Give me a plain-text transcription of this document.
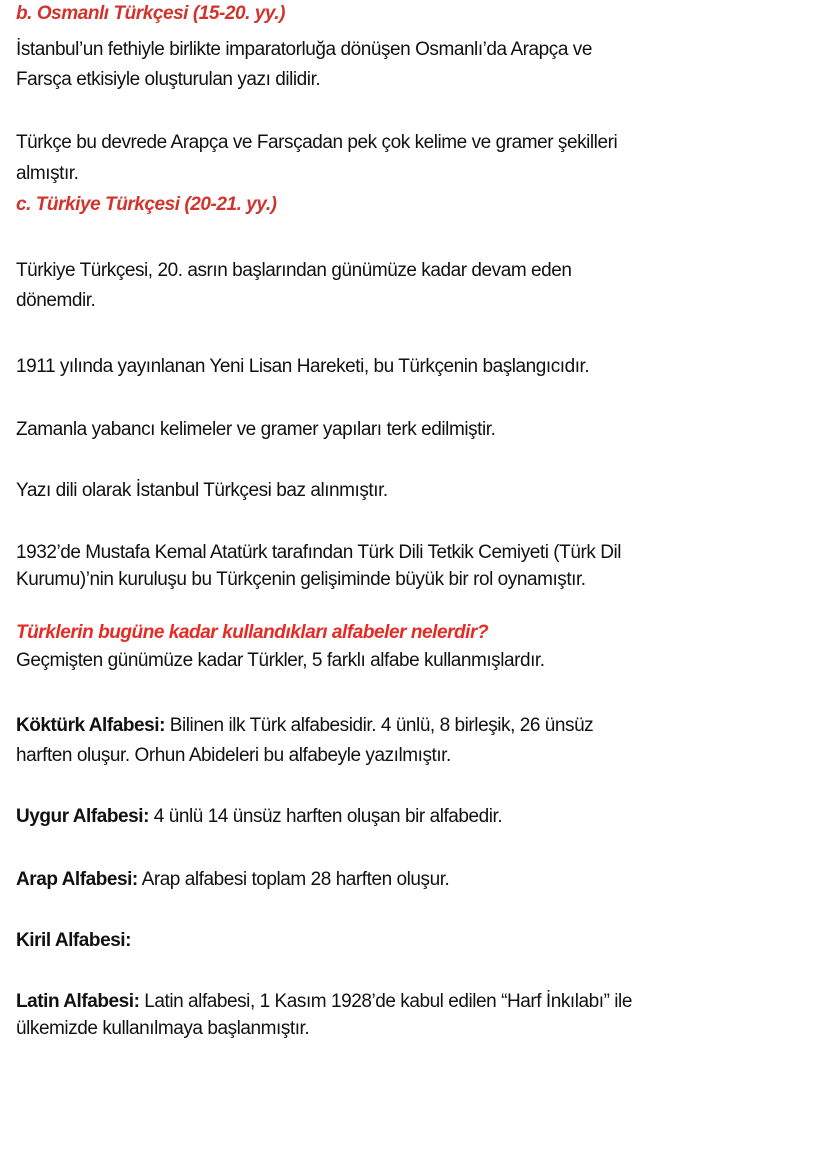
b. Osmanlı Türkçesi (15-20. yy.)
İstanbul’un fethiyle birlikte imparatorluğa dönüşen Osmanlı’da Arapça ve
Farsça etkisiyle oluşturulan yazı dilidir.
Türkçe bu devrede Arapça ve Farsçadan pek çok kelime ve gramer şekilleri
almıştır.
c. Türkiye Türkçesi (20-21. yy.)
Türkiye Türkçesi, 20. asrın başlarından günümüze kadar devam eden
dönemdir.
1911 yılında yayınlanan Yeni Lisan Hareketi, bu Türkçenin başlangıcıdır.
Zamanla yabancı kelimeler ve gramer yapıları terk edilmiştir.
Yazı dili olarak İstanbul Türkçesi baz alınmıştır.
1932’de Mustafa Kemal Atatürk tarafından Türk Dili Tetkik Cemiyeti (Türk Dil
Kurumu)’nin kuruluşu bu Türkçenin gelişiminde büyük bir rol oynamıştır.
Türklerin bugüne kadar kullandıkları alfabeler nelerdir?
Geçmişten günümüze kadar Türkler, 5 farklı alfabe kullanmışlardır.
Köktürk Alfabesi: Bilinen ilk Türk alfabesidir. 4 ünlü, 8 birleşik, 26 ünsüz
harften oluşur. Orhun Abideleri bu alfabeyle yazılmıştır.
Uygur Alfabesi: 4 ünlü 14 ünsüz harften oluşan bir alfabedir.
Arap Alfabesi: Arap alfabesi toplam 28 harften oluşur.
Kiril Alfabesi:
Latin Alfabesi: Latin alfabesi, 1 Kasım 1928’de kabul edilen “Harf İnkılabı” ile
ülkemizde kullanılmaya başlanmıştır.
